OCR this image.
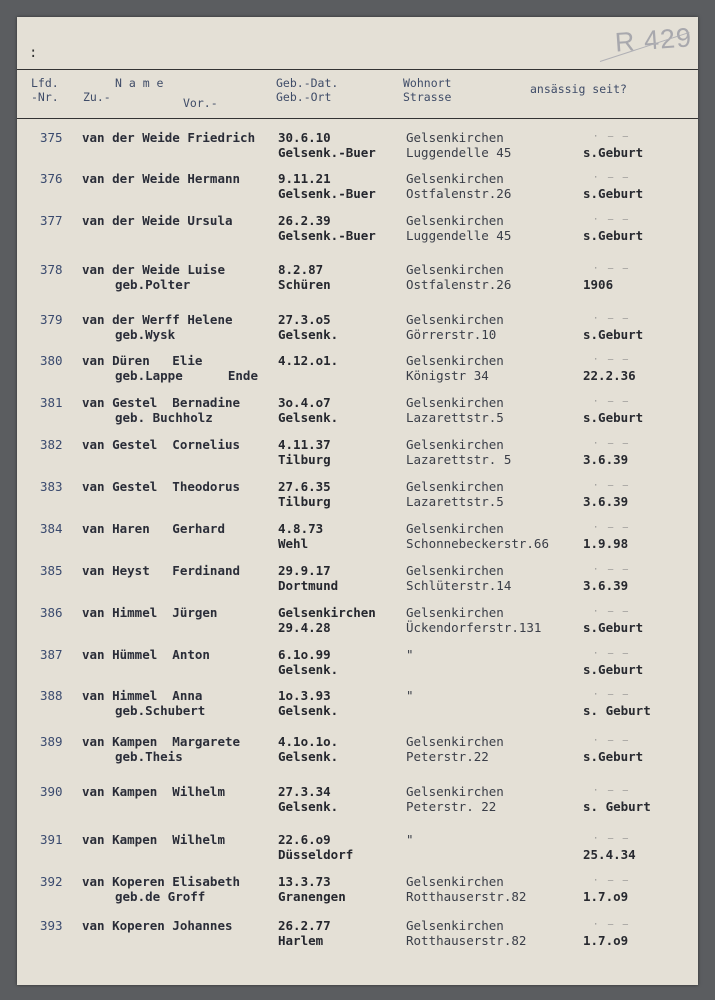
R 429
:
Lfd.
-Nr.
N a m e
Zu.-	Vor.-
Geb.-Dat.
Geb.-Ort
Wohnort
Strasse
ansässig seit?
375 van der Weide Friedrich 30.6.10
Gelsenk.-Buer
Gelsenkirchen
Luggendelle 45	s.Geburt
· – –
376 van der Weide Hermann	9.11.21
Gelsenk.-Buer
Gelsenkirchen
Ostfalenstr.26	s.Geburt
· – –
377 van der Weide Ursula	26.2.39
Gelsenk.-Buer
Gelsenkirchen
Luggendelle 45	s.Geburt
· – –
378 van der Weide Luise
geb.Polter
8.2.87
Schüren
Gelsenkirchen
Ostfalenstr.26	1906
· – –
379 van der Werff Helene
geb.Wysk
27.3.o5
Gelsenk.
Gelsenkirchen
Görrerstr.10	s.Geburt
· – –
380 van Düren   Elie
geb.Lappe      Ende
4.12.o1.	Gelsenkirchen
Königstr 34	22.2.36
· – –
381 van Gestel  Bernadine
geb. Buchholz
3o.4.o7
Gelsenk.
Gelsenkirchen
Lazarettstr.5	s.Geburt
· – –
382 van Gestel  Cornelius	4.11.37
Tilburg
Gelsenkirchen
Lazarettstr. 5	3.6.39
· – –
383 van Gestel  Theodorus	27.6.35
Tilburg
Gelsenkirchen
Lazarettstr.5	3.6.39
· – –
384 van Haren   Gerhard	4.8.73
Wehl
Gelsenkirchen
Schonnebeckerstr.66	1.9.98
· – –
385 van Heyst   Ferdinand	29.9.17
Dortmund
Gelsenkirchen
Schlüterstr.14	3.6.39
· – –
386 van Himmel  Jürgen	Gelsenkirchen
29.4.28
Gelsenkirchen
Ückendorferstr.131	s.Geburt
· – –
387 van Hümmel  Anton	6.1o.99
Gelsenk.
"
s.Geburt
· – –
388 van Himmel  Anna
geb.Schubert
1o.3.93
Gelsenk.
"
s. Geburt
· – –
389 van Kampen  Margarete
geb.Theis
4.1o.1o.
Gelsenk.
Gelsenkirchen
Peterstr.22	s.Geburt
· – –
390 van Kampen  Wilhelm	27.3.34
Gelsenk.
Gelsenkirchen
Peterstr. 22	s. Geburt
· – –
391 van Kampen  Wilhelm	22.6.o9
Düsseldorf
"
25.4.34
· – –
392 van Koperen Elisabeth
geb.de Groff
13.3.73
Granengen
Gelsenkirchen
Rotthauserstr.82	1.7.o9
· – –
393 van Koperen Johannes	26.2.77
Harlem
Gelsenkirchen
Rotthauserstr.82	1.7.o9
· – –
